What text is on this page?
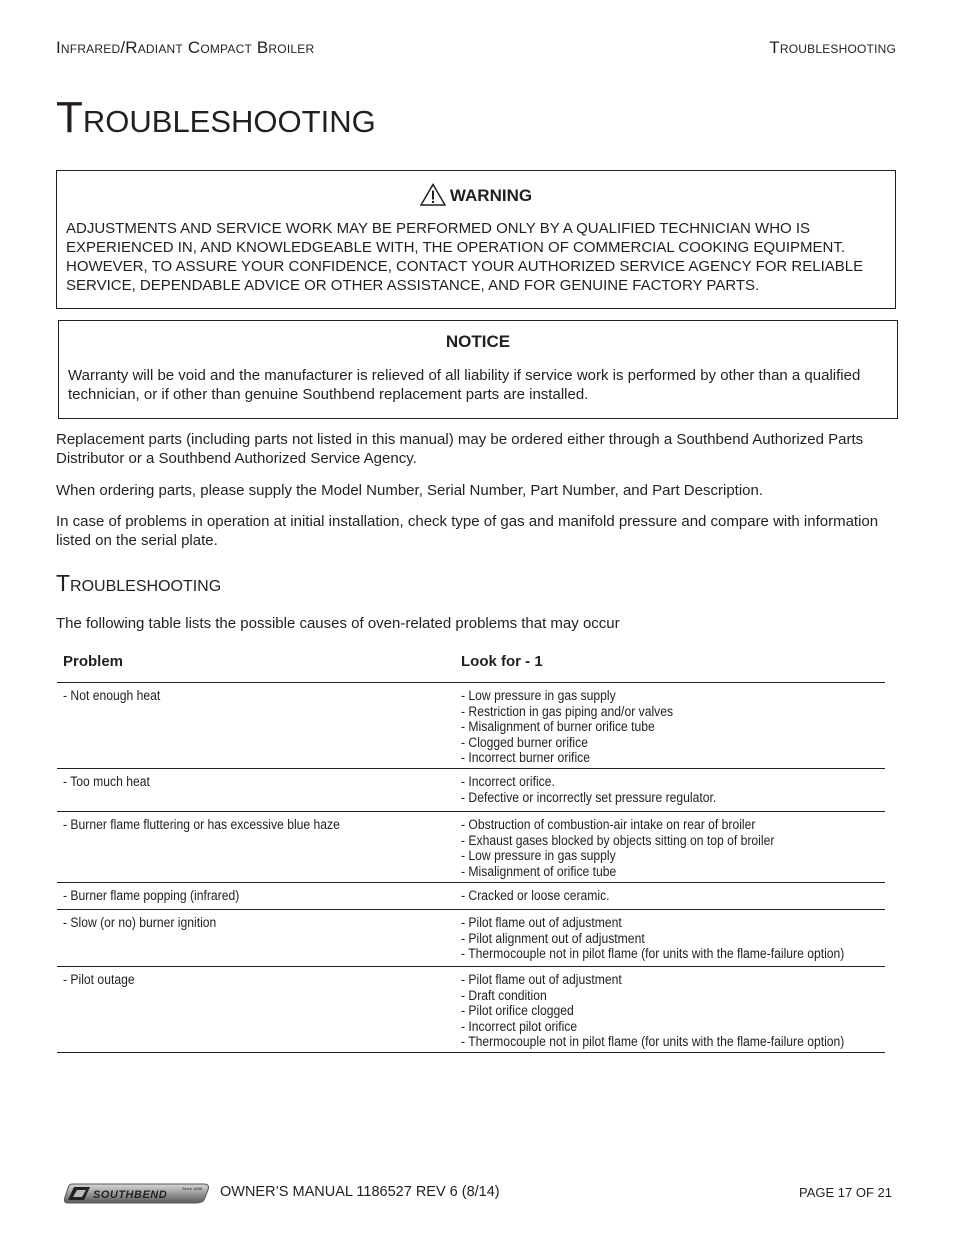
Infrared/Radiant Compact Broiler	Troubleshooting
Troubleshooting
WARNING
ADJUSTMENTS AND SERVICE WORK MAY BE PERFORMED ONLY BY A QUALIFIED TECHNICIAN WHO IS EXPERIENCED IN, AND KNOWLEDGEABLE WITH, THE OPERATION OF COMMERCIAL COOKING EQUIPMENT. HOWEVER, TO ASSURE YOUR CONFIDENCE, CONTACT YOUR AUTHORIZED SERVICE AGENCY FOR RELIABLE SERVICE, DEPENDABLE ADVICE OR OTHER ASSISTANCE, AND FOR GENUINE FACTORY PARTS.
NOTICE
Warranty will be void and the manufacturer is relieved of all liability if service work is performed by other than a qualified technician, or if other than genuine Southbend replacement parts are installed.
Replacement parts (including parts not listed in this manual) may be ordered either through a Southbend Authorized Parts Distributor or a Southbend Authorized Service Agency.
When ordering parts, please supply the Model Number, Serial Number, Part Number, and Part Description.
In case of problems in operation at initial installation, check type of gas and manifold pressure and compare with information listed on the serial plate.
Troubleshooting
The following table lists the possible causes of oven-related problems that may occur
Problem	Look for - 1
- Not enough heat	- Low pressure in gas supply
- Restriction in gas piping and/or valves
- Misalignment of burner orifice tube
- Clogged burner orifice
- Incorrect burner orifice
- Too much heat	- Incorrect orifice.
- Defective or incorrectly set pressure regulator.
- Burner flame fluttering or has excessive blue haze	- Obstruction of combustion-air intake on rear of broiler
- Exhaust gases blocked by objects sitting on top of broiler
- Low pressure in gas supply
- Misalignment of orifice tube
- Burner flame popping (infrared)	- Cracked or loose ceramic.
- Slow (or no) burner ignition	- Pilot flame out of adjustment
- Pilot alignment out of adjustment
- Thermocouple not in pilot flame (for units with the flame-failure option)
- Pilot outage	- Pilot flame out of adjustment
- Draft condition
- Pilot orifice clogged
- Incorrect pilot orifice
- Thermocouple not in pilot flame (for units with the flame-failure option)
SOUTHBEND
Since 1898 OWNER’S MANUAL 1186527 REV 6 (8/14)	PAGE 17 OF 21
